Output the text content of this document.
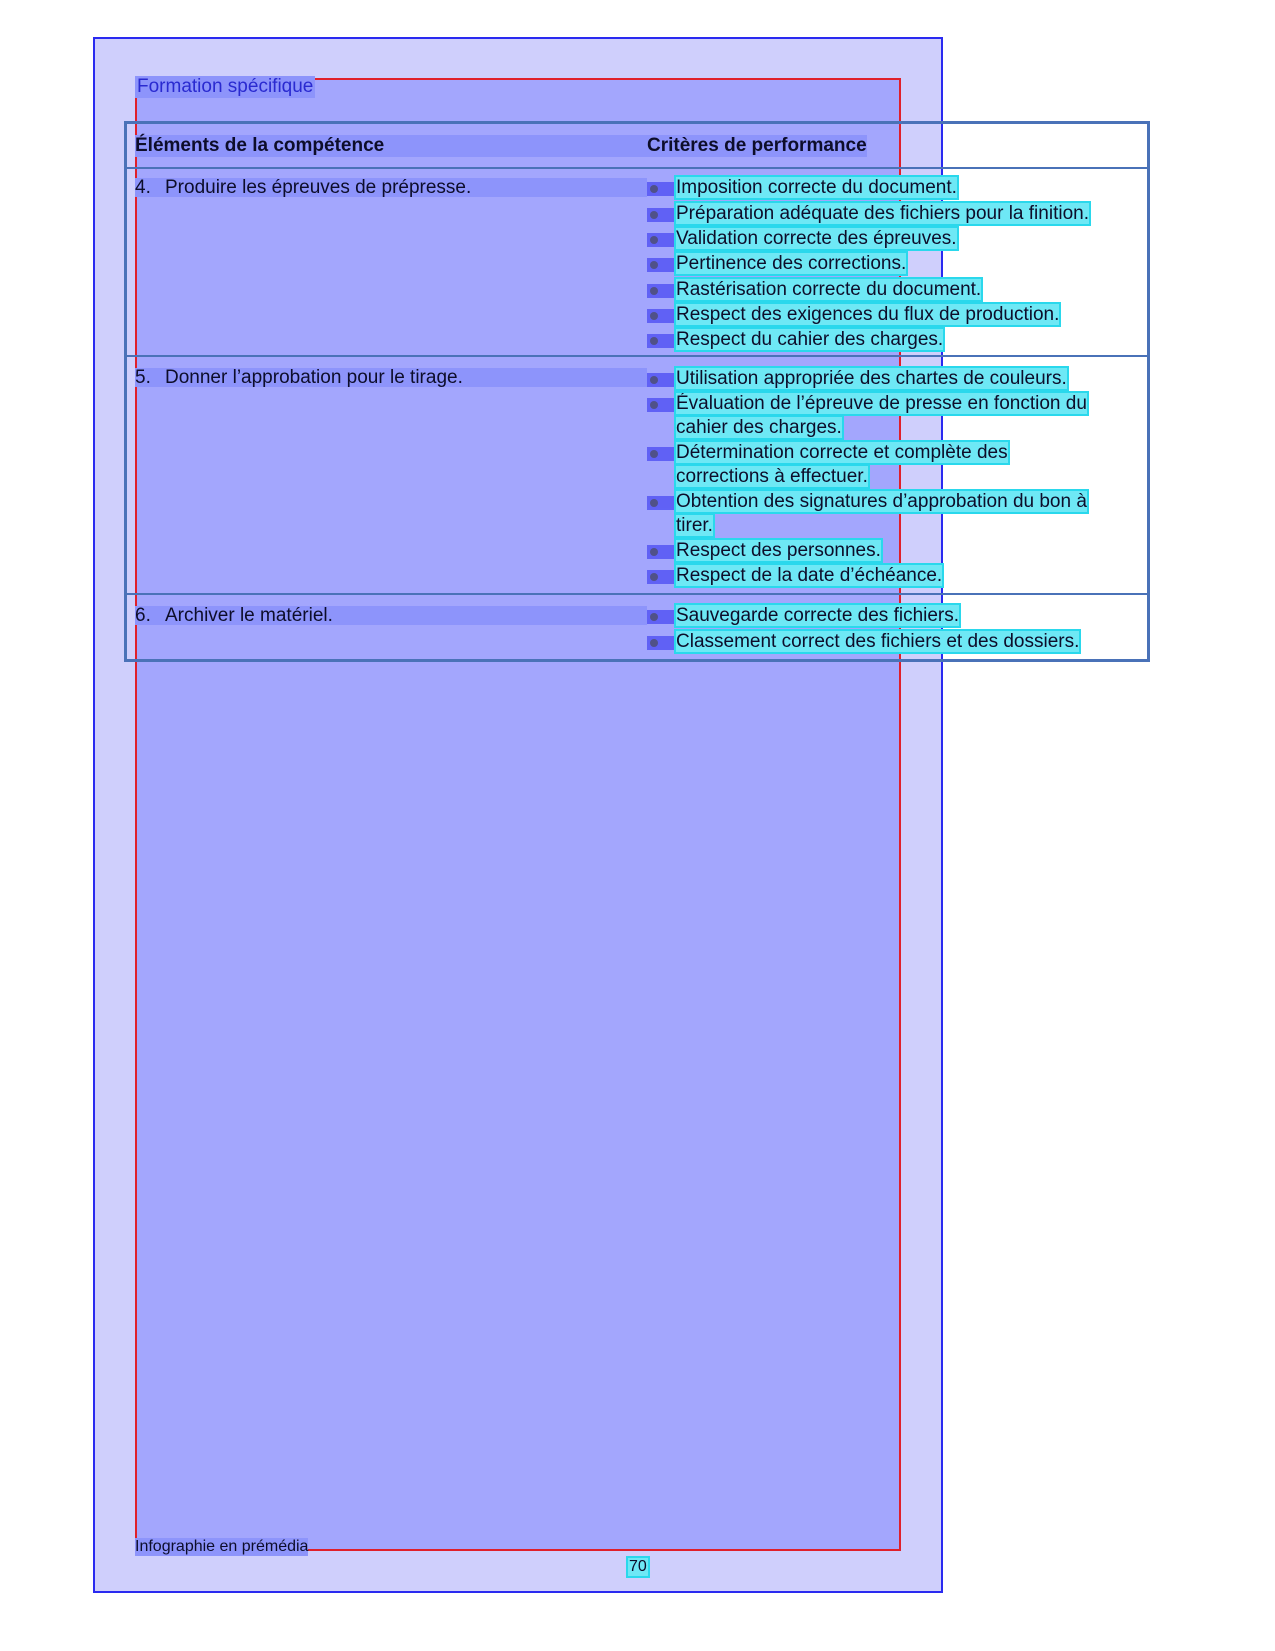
Formation spécifique
Éléments de la compétence	Critères de performance
4. Produire les épreuves de prépresse.	Imposition correcte du document.
Préparation adéquate des fichiers pour la finition.
Validation correcte des épreuves.
Pertinence des corrections.
Rastérisation correcte du document.
Respect des exigences du flux de production.
Respect du cahier des charges.
5. Donner l’approbation pour le tirage.	Utilisation appropriée des chartes de couleurs.
Évaluation de l’épreuve de presse en fonction du
cahier des charges.
Détermination correcte et complète des
corrections à effectuer.
Obtention des signatures d’approbation du bon à
tirer.
Respect des personnes.
Respect de la date d’échéance.
6. Archiver le matériel.	Sauvegarde correcte des fichiers.
Classement correct des fichiers et des dossiers.
Infographie en prémédia
70
